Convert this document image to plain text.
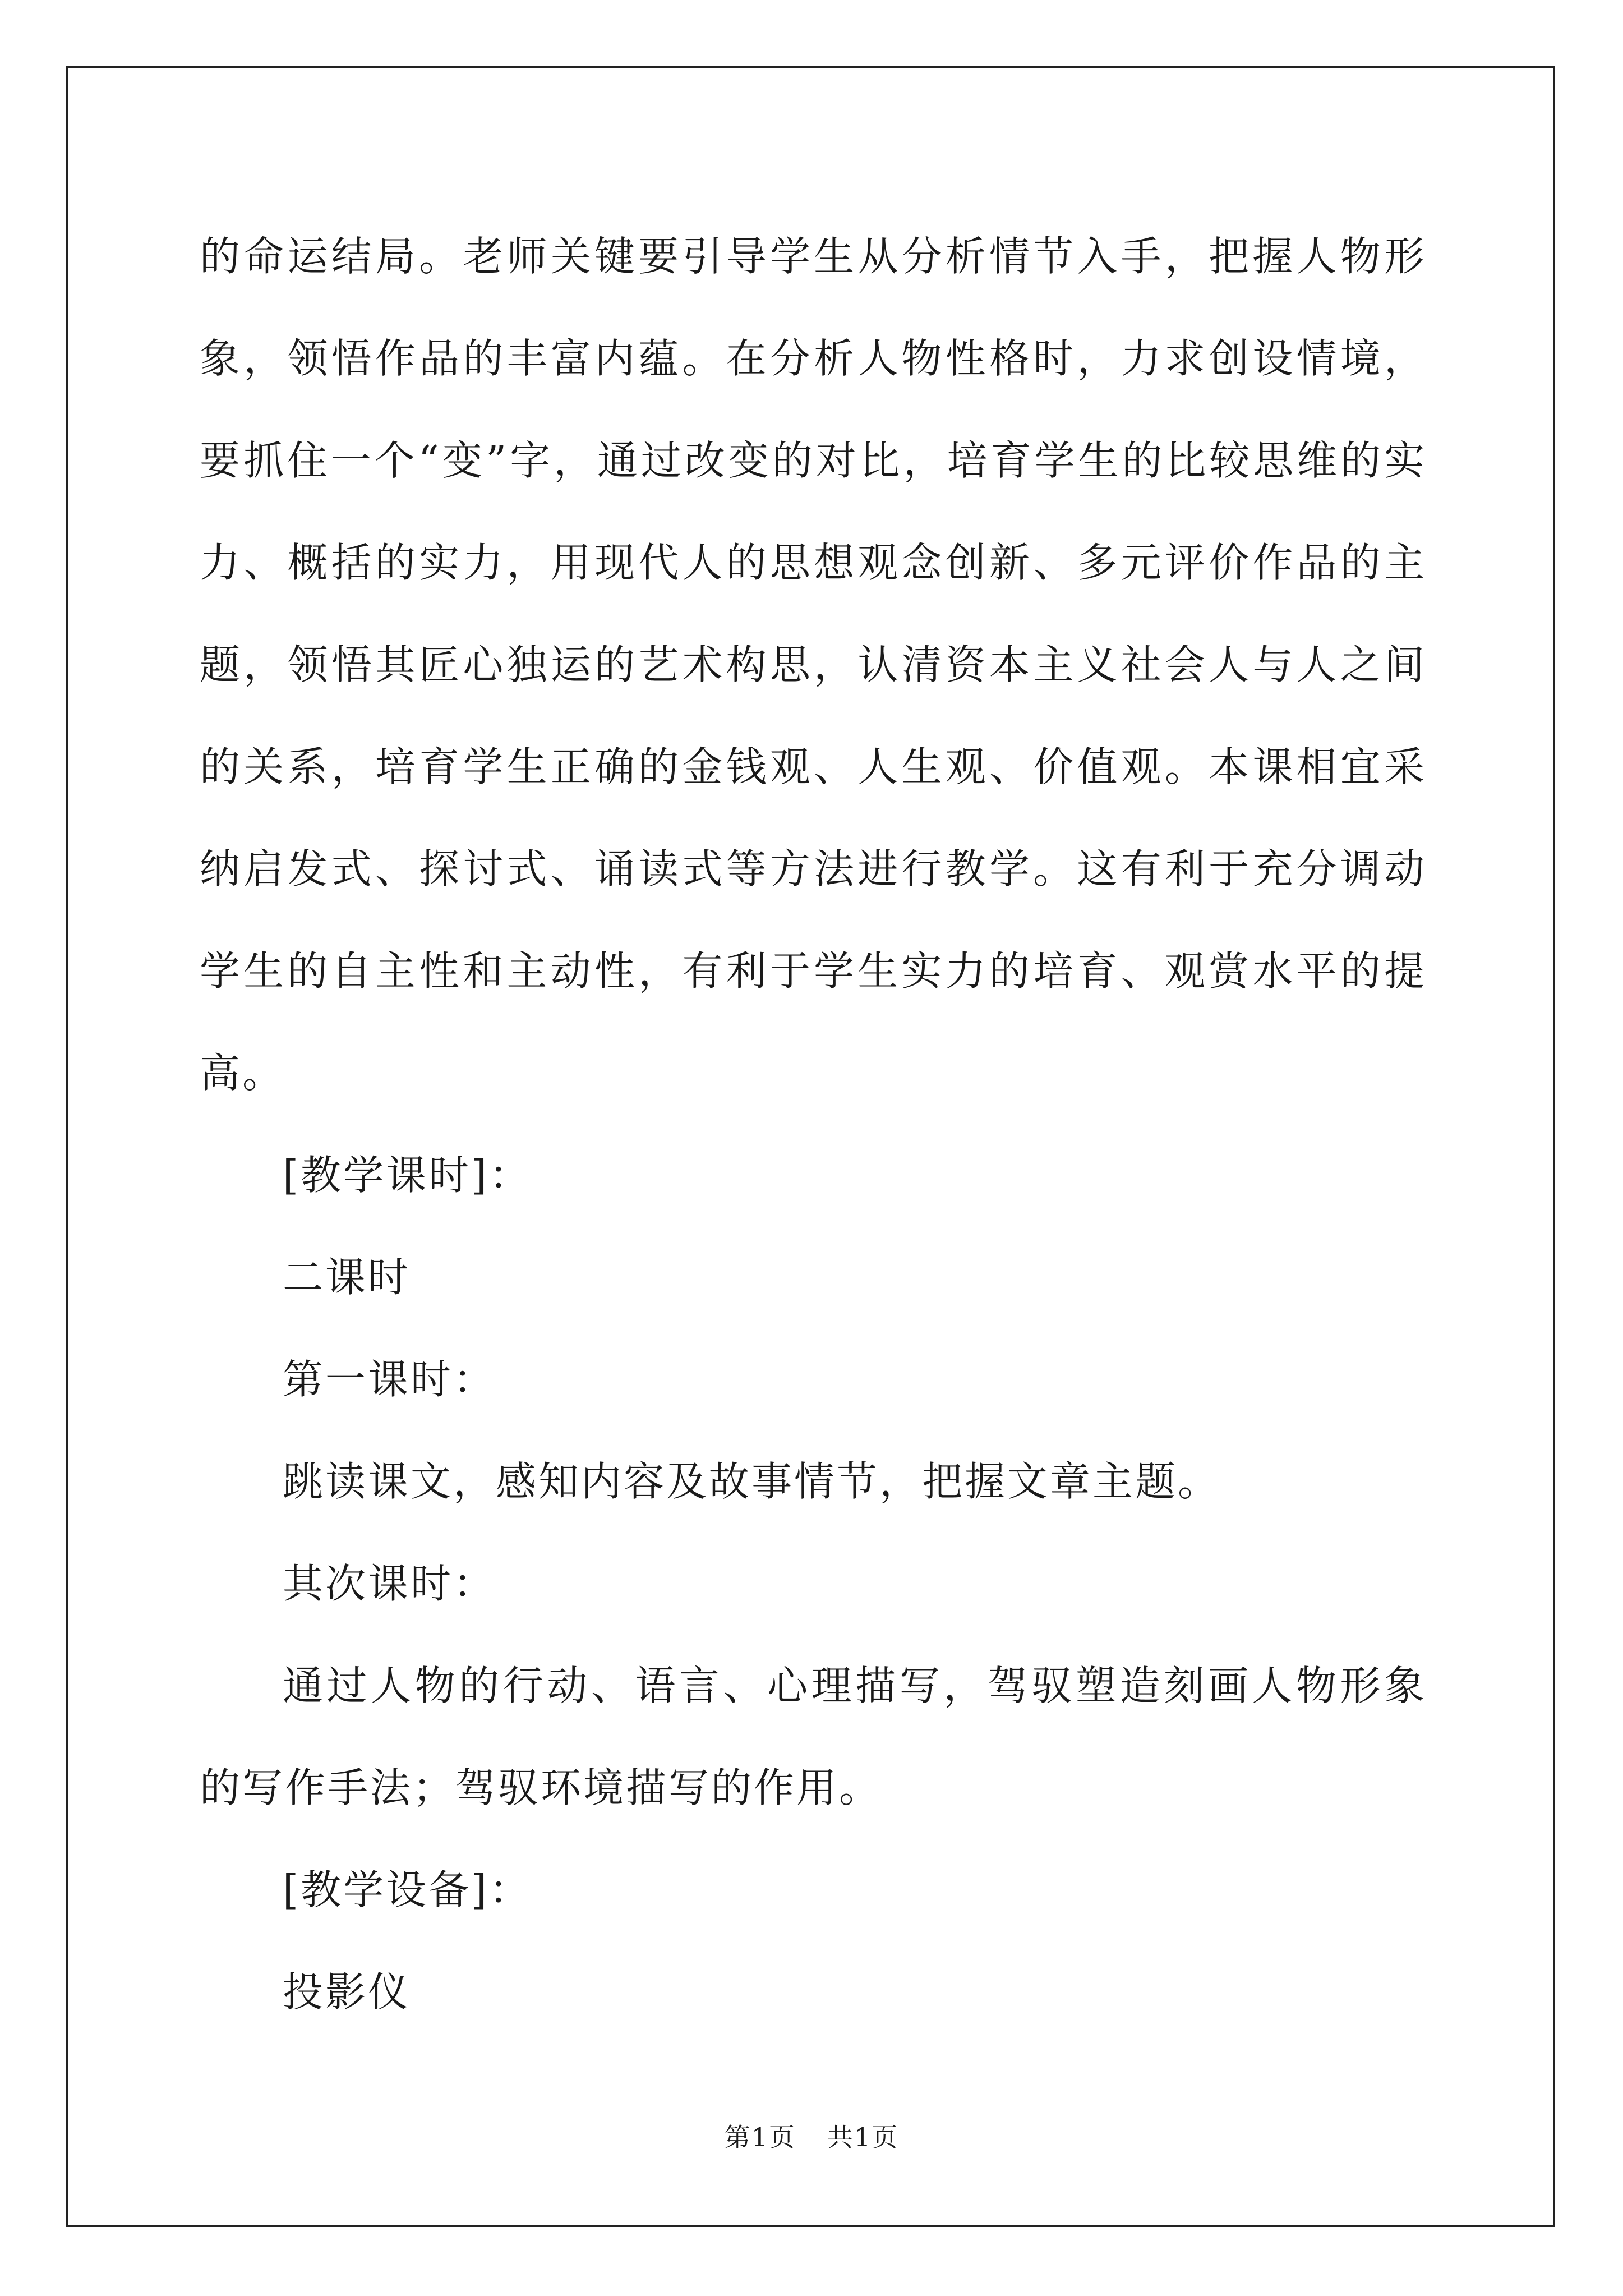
的命运结局。老师关键要引导学生从分析情节入手，把握人物形象，领悟作品的丰富内蕴。在分析人物性格时，力求创设情境，要抓住一个“变”字，通过改变的对比，培育学生的比较思维的实力、概括的实力，用现代人的思想观念创新、多元评价作品的主题，领悟其匠心独运的艺术构思，认清资本主义社会人与人之间的关系，培育学生正确的金钱观、人生观、价值观。本课相宜采纳启发式、探讨式、诵读式等方法进行教学。这有利于充分调动学生的自主性和主动性，有利于学生实力的培育、观赏水平的提高。

[教学课时]：

二课时

第一课时：

跳读课文，感知内容及故事情节，把握文章主题。

其次课时：

通过人物的行动、语言、心理描写，驾驭塑造刻画人物形象的写作手法；驾驭环境描写的作用。

[教学设备]：

投影仪

第1页 共1页
